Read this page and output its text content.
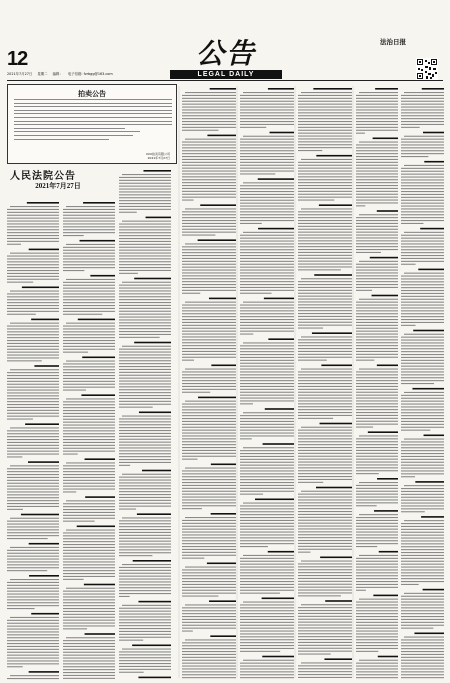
12
2021年7月27日 星期二 编辑： 电子信箱: fzrbgg@163.com
公告
LEGAL DAILY
法治日报
拍卖公告
XXX拍卖有限公司
2021年7月27日
人民法院公告
2021年7月27日
